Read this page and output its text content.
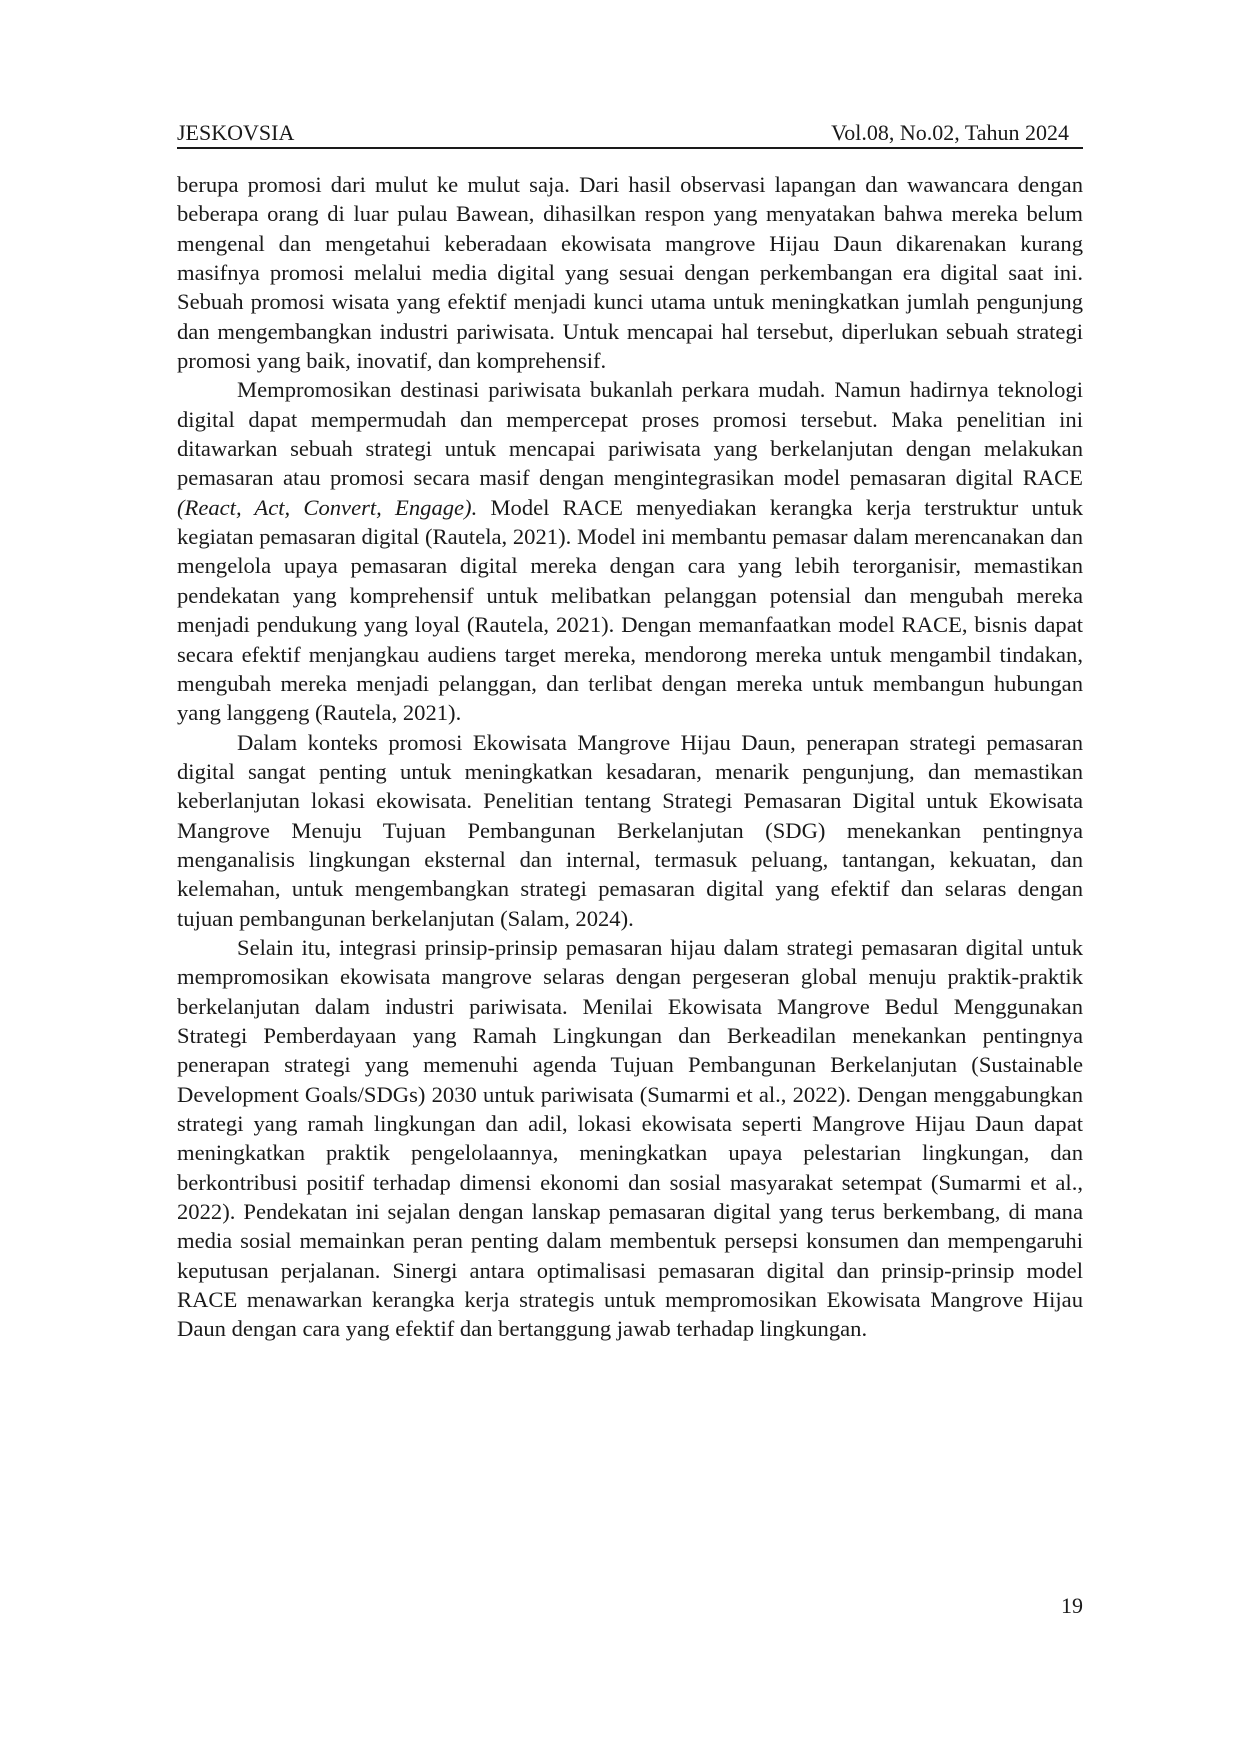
JESKOVSIA	Vol.08, No.02, Tahun 2024

berupa promosi dari mulut ke mulut saja. Dari hasil observasi lapangan dan wawancara dengan beberapa orang di luar pulau Bawean, dihasilkan respon yang menyatakan bahwa mereka belum mengenal dan mengetahui keberadaan ekowisata mangrove Hijau Daun dikarenakan kurang masifnya promosi melalui media digital yang sesuai dengan perkembangan era digital saat ini. Sebuah promosi wisata yang efektif menjadi kunci utama untuk meningkatkan jumlah pengunjung dan mengembangkan industri pariwisata. Untuk mencapai hal tersebut, diperlukan sebuah strategi promosi yang baik, inovatif, dan komprehensif.

Mempromosikan destinasi pariwisata bukanlah perkara mudah. Namun hadirnya teknologi digital dapat mempermudah dan mempercepat proses promosi tersebut. Maka penelitian ini ditawarkan sebuah strategi untuk mencapai pariwisata yang berkelanjutan dengan melakukan pemasaran atau promosi secara masif dengan mengintegrasikan model pemasaran digital RACE (React, Act, Convert, Engage). Model RACE menyediakan kerangka kerja terstruktur untuk kegiatan pemasaran digital (Rautela, 2021). Model ini membantu pemasar dalam merencanakan dan mengelola upaya pemasaran digital mereka dengan cara yang lebih terorganisir, memastikan pendekatan yang komprehensif untuk melibatkan pelanggan potensial dan mengubah mereka menjadi pendukung yang loyal (Rautela, 2021). Dengan memanfaatkan model RACE, bisnis dapat secara efektif menjangkau audiens target mereka, mendorong mereka untuk mengambil tindakan, mengubah mereka menjadi pelanggan, dan terlibat dengan mereka untuk membangun hubungan yang langgeng (Rautela, 2021).

Dalam konteks promosi Ekowisata Mangrove Hijau Daun, penerapan strategi pemasaran digital sangat penting untuk meningkatkan kesadaran, menarik pengunjung, dan memastikan keberlanjutan lokasi ekowisata. Penelitian tentang Strategi Pemasaran Digital untuk Ekowisata Mangrove Menuju Tujuan Pembangunan Berkelanjutan (SDG) menekankan pentingnya menganalisis lingkungan eksternal dan internal, termasuk peluang, tantangan, kekuatan, dan kelemahan, untuk mengembangkan strategi pemasaran digital yang efektif dan selaras dengan tujuan pembangunan berkelanjutan (Salam, 2024).

Selain itu, integrasi prinsip-prinsip pemasaran hijau dalam strategi pemasaran digital untuk mempromosikan ekowisata mangrove selaras dengan pergeseran global menuju praktik-praktik berkelanjutan dalam industri pariwisata. Menilai Ekowisata Mangrove Bedul Menggunakan Strategi Pemberdayaan yang Ramah Lingkungan dan Berkeadilan menekankan pentingnya penerapan strategi yang memenuhi agenda Tujuan Pembangunan Berkelanjutan (Sustainable Development Goals/SDGs) 2030 untuk pariwisata (Sumarmi et al., 2022). Dengan menggabungkan strategi yang ramah lingkungan dan adil, lokasi ekowisata seperti Mangrove Hijau Daun dapat meningkatkan praktik pengelolaannya, meningkatkan upaya pelestarian lingkungan, dan berkontribusi positif terhadap dimensi ekonomi dan sosial masyarakat setempat (Sumarmi et al., 2022). Pendekatan ini sejalan dengan lanskap pemasaran digital yang terus berkembang, di mana media sosial memainkan peran penting dalam membentuk persepsi konsumen dan mempengaruhi keputusan perjalanan. Sinergi antara optimalisasi pemasaran digital dan prinsip-prinsip model RACE menawarkan kerangka kerja strategis untuk mempromosikan Ekowisata Mangrove Hijau Daun dengan cara yang efektif dan bertanggung jawab terhadap lingkungan.

19
